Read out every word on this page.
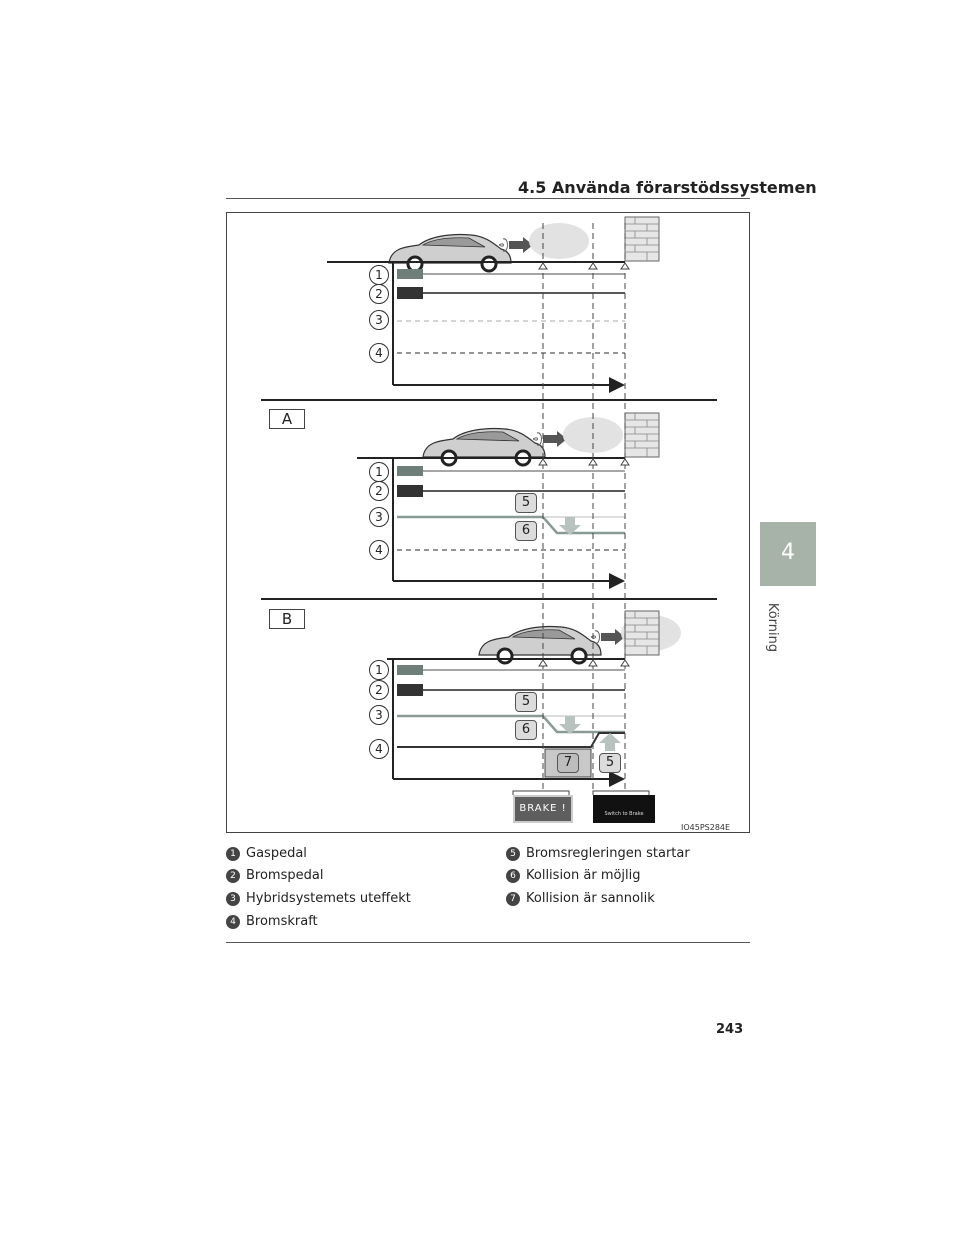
4.5 Använda förarstödssystemen
4
Körning
A
B
1
2
3
4
1
2
3
4
1
2
3
4
5
6
5
6
7	5
BRAKE !	Switch to Brake
IO45PS284E
1 Gaspedal
2 Bromspedal
3 Hybridsystemets uteffekt
4 Bromskraft
5 Bromsregleringen startar
6 Kollision är möjlig
7 Kollision är sannolik
243
